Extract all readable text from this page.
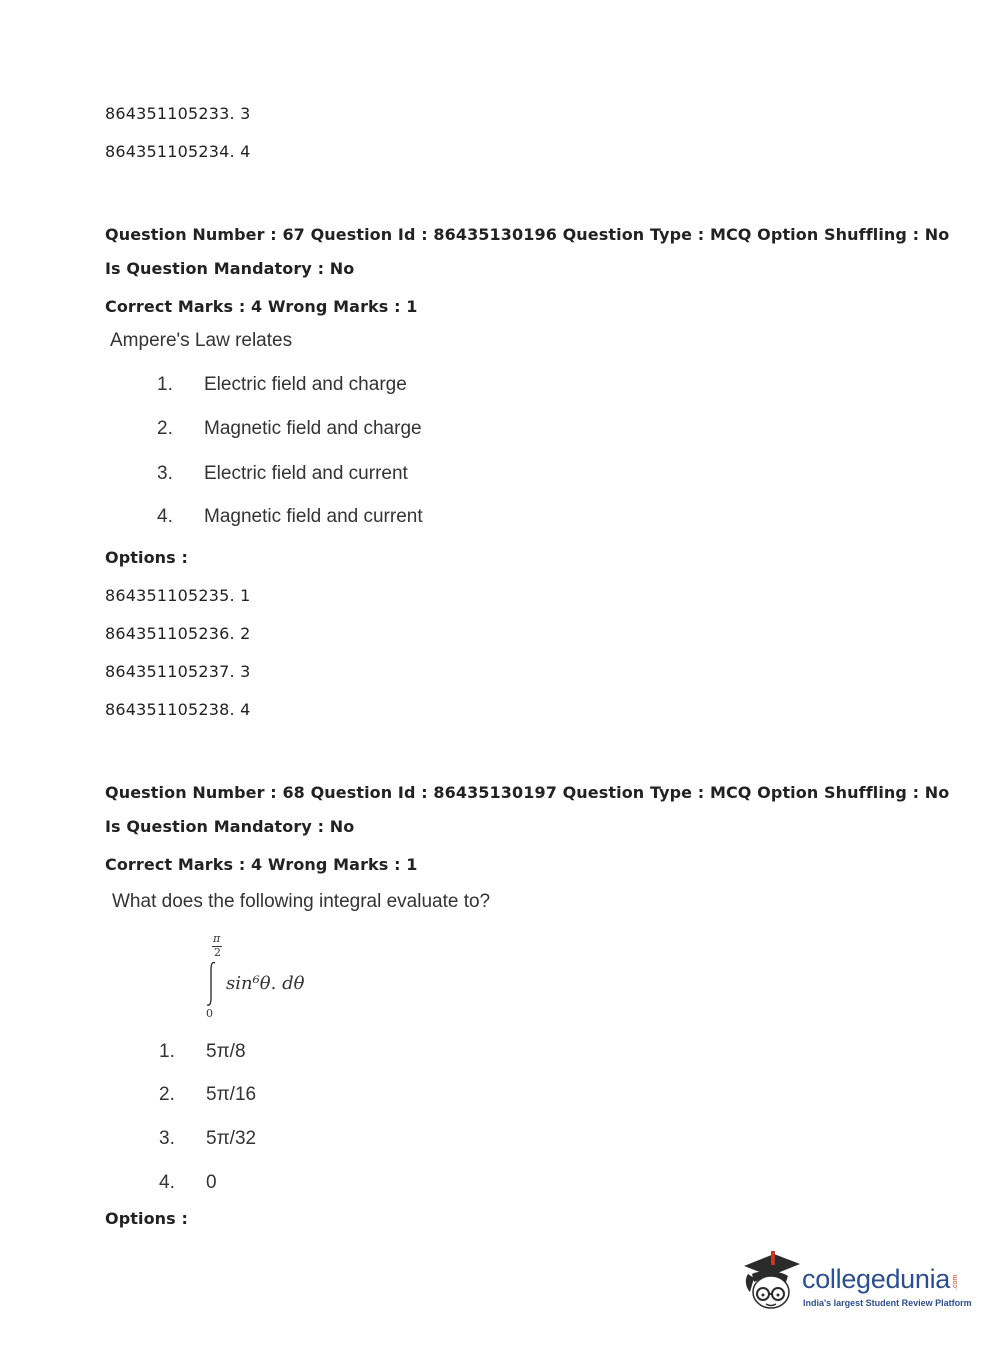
864351105233. 3
864351105234. 4
Question Number : 67 Question Id : 86435130196 Question Type : MCQ Option Shuffling : No
Is Question Mandatory : No
Correct Marks : 4 Wrong Marks : 1
Ampere's Law relates
1. Electric field and charge
2. Magnetic field and charge
3. Electric field and current
4. Magnetic field and current
Options :
864351105235. 1
864351105236. 2
864351105237. 3
864351105238. 4
Question Number : 68 Question Id : 86435130197 Question Type : MCQ Option Shuffling : No
Is Question Mandatory : No
Correct Marks : 4 Wrong Marks : 1
What does the following integral evaluate to?
π
2
0
sin⁶θ. dθ
1. 5π/8
2. 5π/16
3. 5π/32
4. 0
Options :
collegedunia .com
India's largest Student Review Platform
